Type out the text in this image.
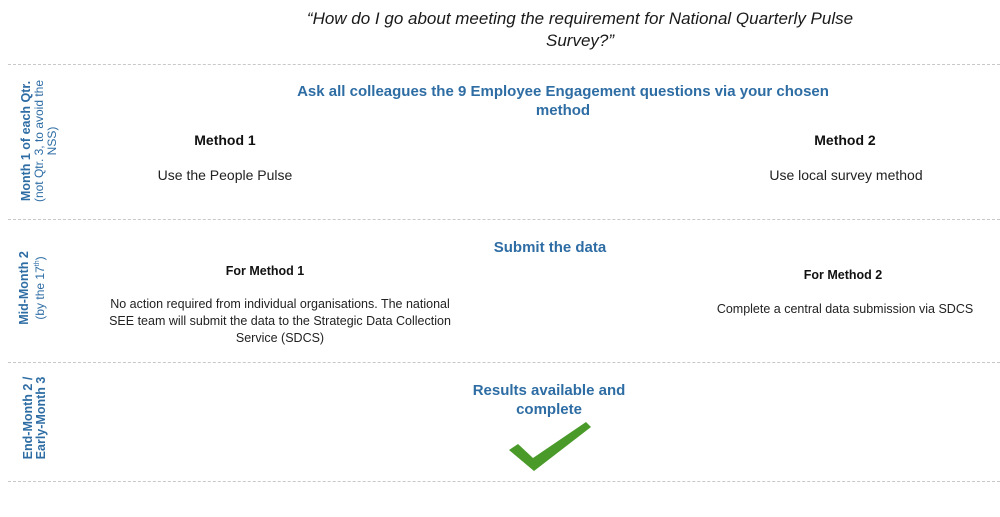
“How do I go about meeting the requirement for National Quarterly Pulse Survey?”
Month 1 of each Qtr. (not Qtr. 3, to avoid the NSS)
Ask all colleagues the 9 Employee Engagement questions via your chosen method
Method 1
Use the People Pulse
Method 2
Use local survey method
Mid-Month 2 (by the 17th)
Submit the data
For Method 1
No action required from individual organisations. The national SEE team will submit the data to the Strategic Data Collection Service (SDCS)
For Method 2
Complete a central data submission via SDCS
End-Month 2 / Early-Month 3	Results available and complete
